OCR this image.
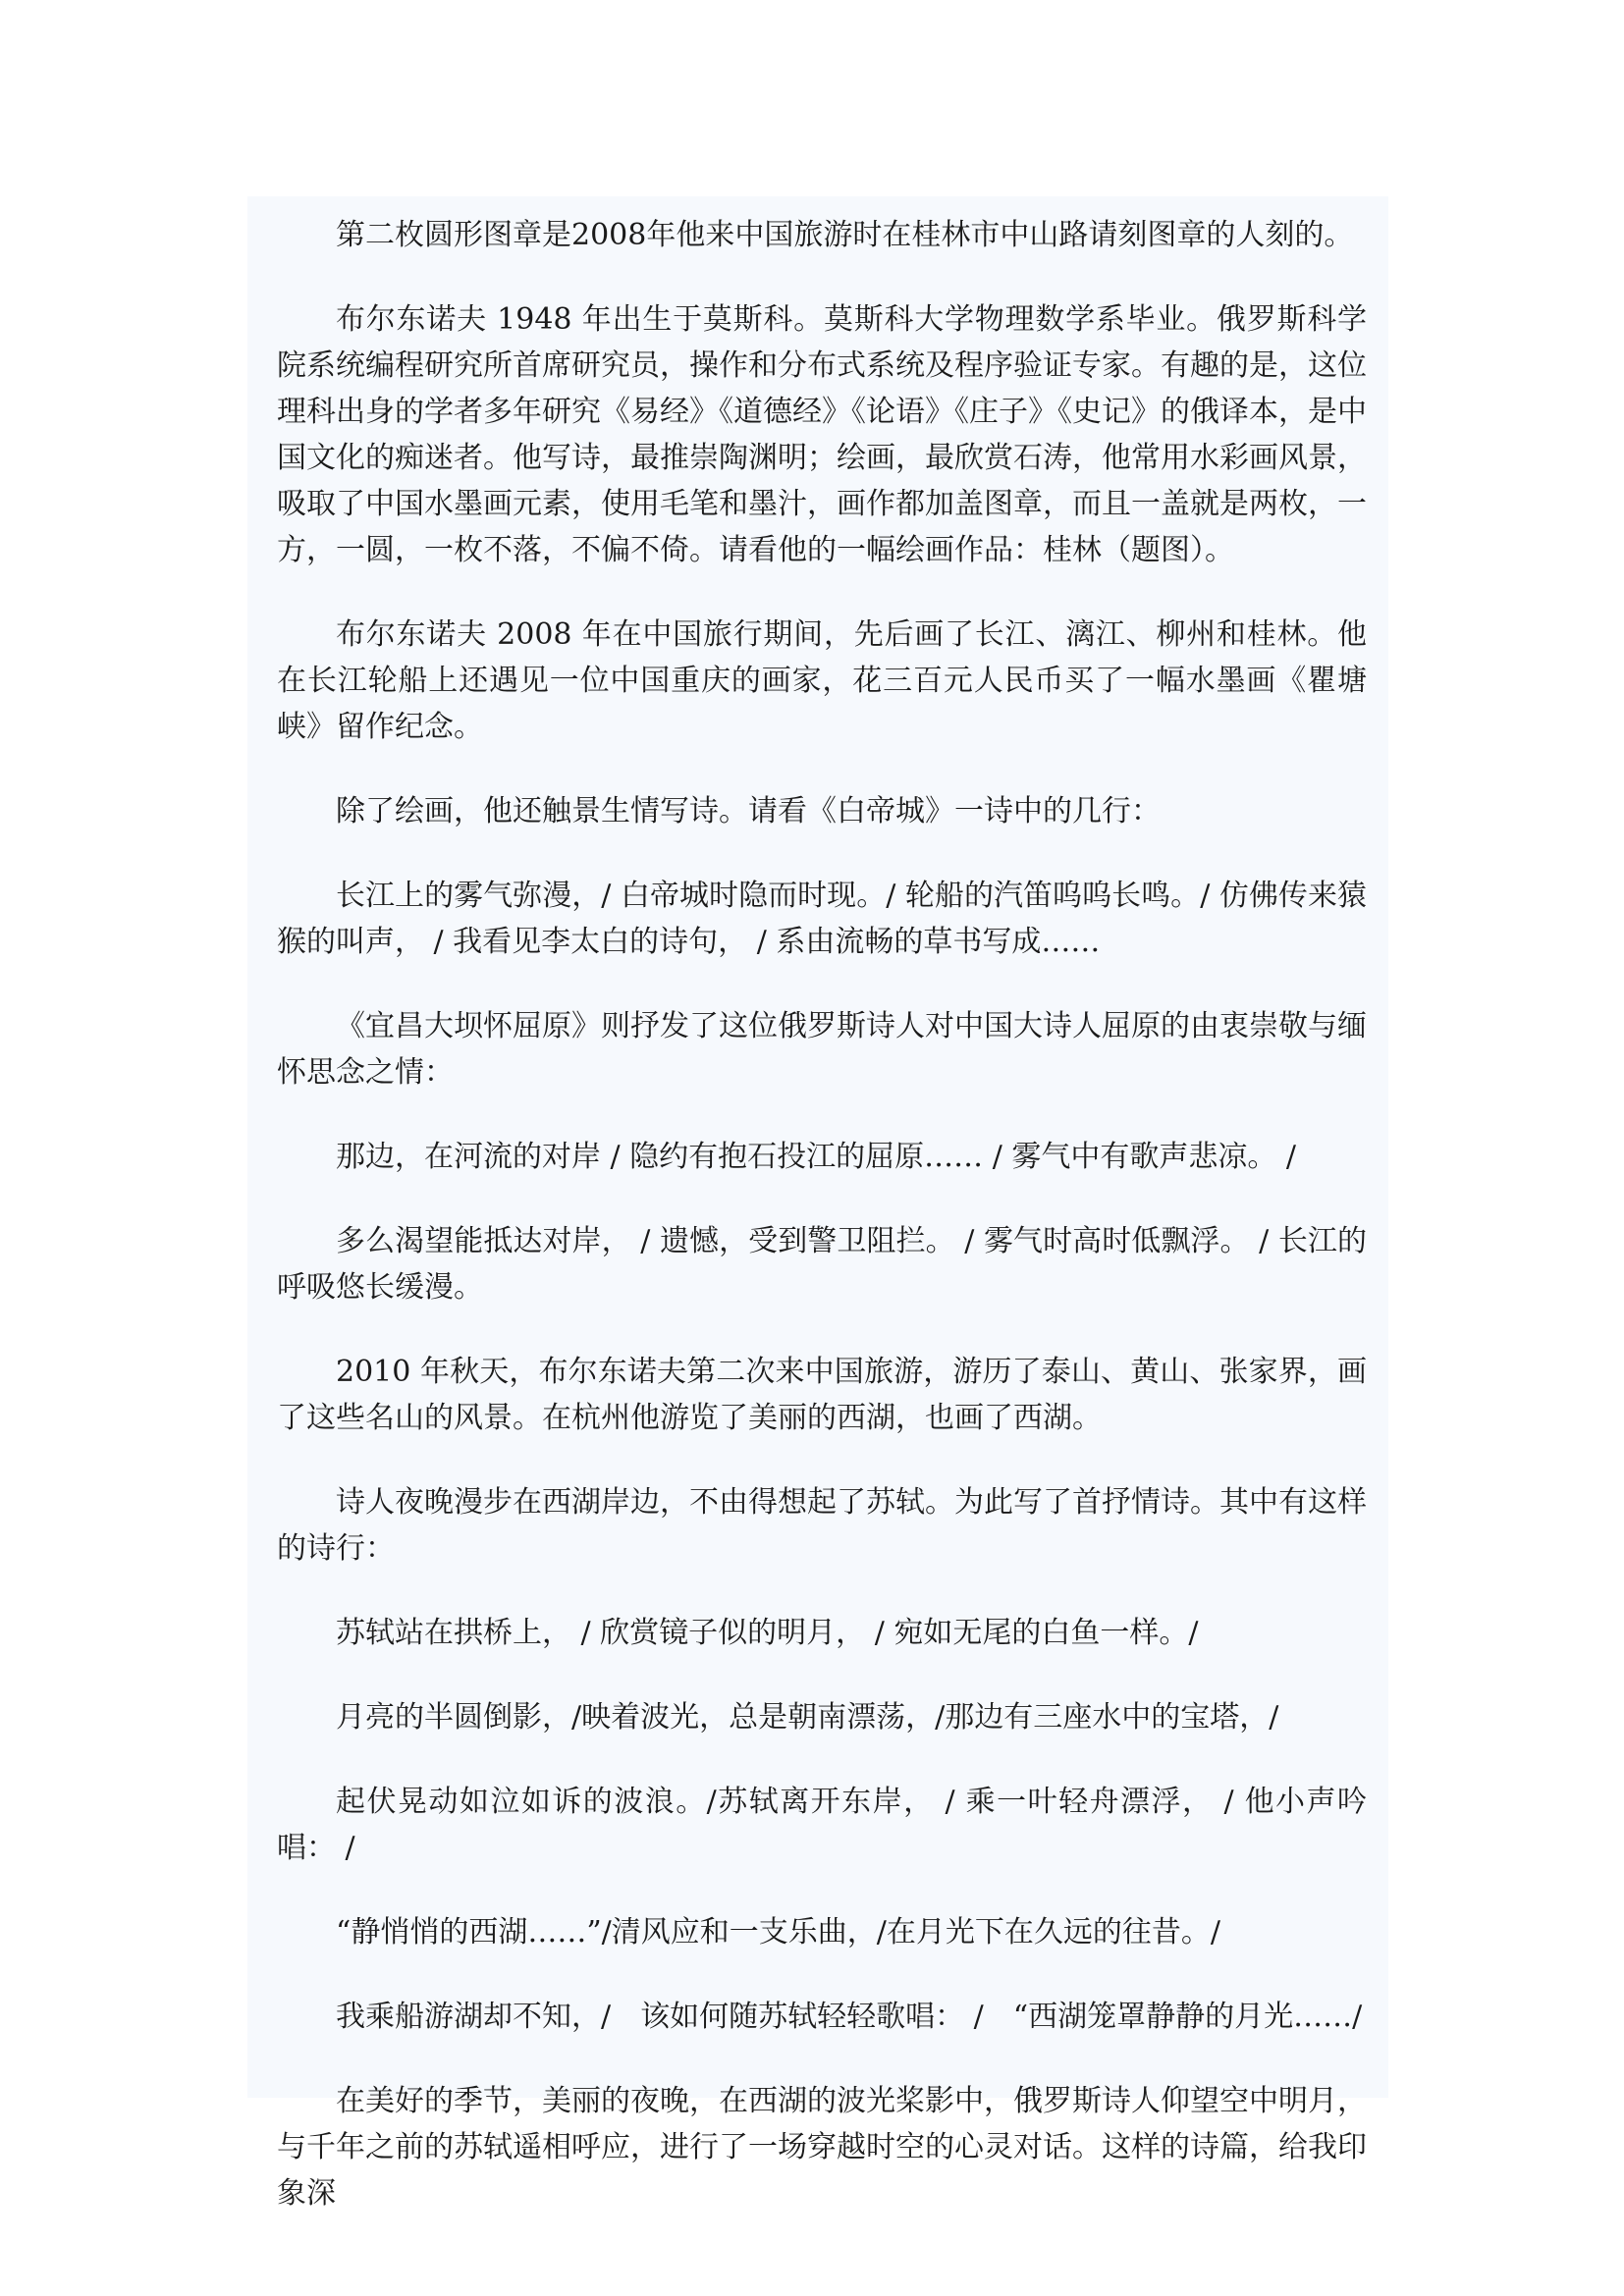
第二枚圆形图章是2008年他来中国旅游时在桂林市中山路请刻图章的人刻的。

布尔东诺夫 1948 年出生于莫斯科。莫斯科大学物理数学系毕业。俄罗斯科学院系统编程研究所首席研究员，操作和分布式系统及程序验证专家。有趣的是，这位理科出身的学者多年研究《易经》《道德经》《论语》《庄子》《史记》的俄译本，是中国文化的痴迷者。他写诗，最推崇陶渊明；绘画，最欣赏石涛，他常用水彩画风景，吸取了中国水墨画元素，使用毛笔和墨汁，画作都加盖图章，而且一盖就是两枚，一方，一圆，一枚不落，不偏不倚。请看他的一幅绘画作品：桂林（题图）。

布尔东诺夫 2008 年在中国旅行期间，先后画了长江、漓江、柳州和桂林。他在长江轮船上还遇见一位中国重庆的画家，花三百元人民币买了一幅水墨画《瞿塘峡》留作纪念。

除了绘画，他还触景生情写诗。请看《白帝城》一诗中的几行：

长江上的雾气弥漫，/ 白帝城时隐而时现。/ 轮船的汽笛呜呜长鸣。/ 仿佛传来猿猴的叫声， / 我看见李太白的诗句， / 系由流畅的草书写成……

《宜昌大坝怀屈原》则抒发了这位俄罗斯诗人对中国大诗人屈原的由衷崇敬与缅怀思念之情：

那边，在河流的对岸 / 隐约有抱石投江的屈原…… / 雾气中有歌声悲凉。 /

多么渴望能抵达对岸， / 遗憾，受到警卫阻拦。 / 雾气时高时低飘浮。 / 长江的呼吸悠长缓漫。

2010 年秋天，布尔东诺夫第二次来中国旅游，游历了泰山、黄山、张家界，画了这些名山的风景。在杭州他游览了美丽的西湖，也画了西湖。

诗人夜晚漫步在西湖岸边，不由得想起了苏轼。为此写了首抒情诗。其中有这样的诗行：

苏轼站在拱桥上， / 欣赏镜子似的明月， / 宛如无尾的白鱼一样。/

月亮的半圆倒影，/映着波光，总是朝南漂荡，/那边有三座水中的宝塔，/

起伏晃动如泣如诉的波浪。/苏轼离开东岸， / 乘一叶轻舟漂浮， / 他小声吟唱： /

“静悄悄的西湖……”/清风应和一支乐曲，/在月光下在久远的往昔。/

我乘船游湖却不知，/　该如何随苏轼轻轻歌唱： /　“西湖笼罩静静的月光……/

在美好的季节，美丽的夜晚，在西湖的波光桨影中，俄罗斯诗人仰望空中明月，与千年之前的苏轼遥相呼应，进行了一场穿越时空的心灵对话。这样的诗篇，给我印象深
